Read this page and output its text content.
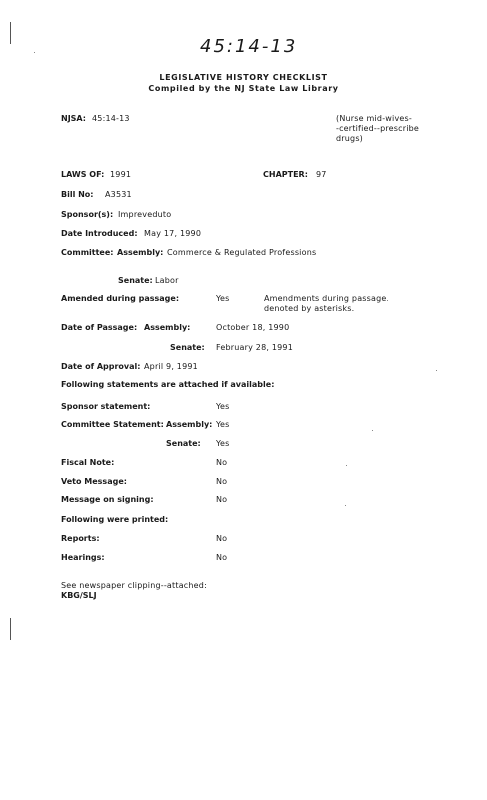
45:14-13
LEGISLATIVE HISTORY CHECKLIST
Compiled by the NJ State Law Library
NJSA: 45:14-13	(Nurse mid-wives-
-certified--prescribe
drugs)
LAWS OF: 1991	CHAPTER: 97
Bill No: A3531
Sponsor(s): Impreveduto
Date Introduced: May 17, 1990
Committee: Assembly: Commerce & Regulated Professions
Senate: Labor
Amended during passage:	Yes	Amendments during passage
denoted by asterisks.
Date of Passage: Assembly:	October 18, 1990
Senate: February 28, 1991
Date of Approval: April 9, 1991
Following statements are attached if available:
Sponsor statement:	Yes
Committee Statement: Assembly: Yes
Senate: Yes
Fiscal Note:	No
Veto Message:	No
Message on signing:	No
Following were printed:
Reports:	No
Hearings:	No
See newspaper clipping--attached:
KBG/SLJ
